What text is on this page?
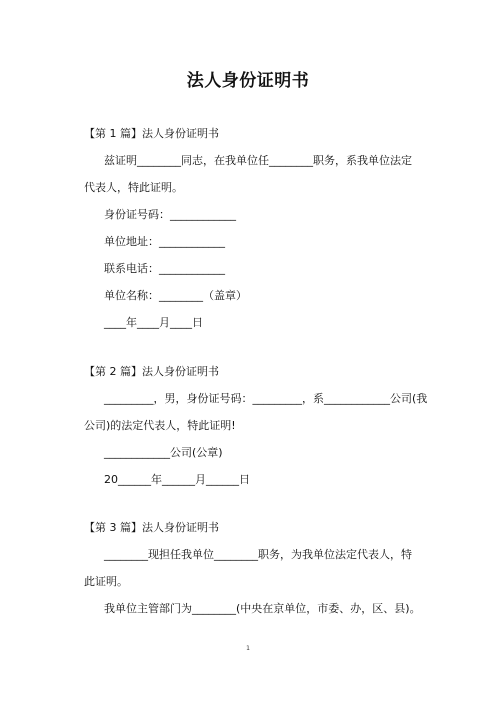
法人身份证明书
【第 1 篇】法人身份证明书
兹证明________同志，在我单位任________职务，系我单位法定
代表人，特此证明。
身份证号码：____________
单位地址：____________
联系电话：____________
单位名称：________（盖章）
____年____月____日
【第 2 篇】法人身份证明书
_________，男，身份证号码：_________，系____________公司(我
公司)的法定代表人，特此证明!
____________公司(公章)
20______年______月______日
【第 3 篇】法人身份证明书
________现担任我单位________职务，为我单位法定代表人，特
此证明。
我单位主管部门为________(中央在京单位，市委、办，区、县)。
1
